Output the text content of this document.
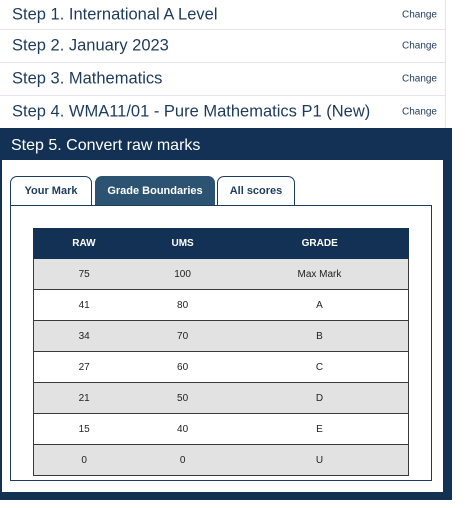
Step 1. International A Level	Change
Step 2. January 2023	Change
Step 3. Mathematics	Change
Step 4. WMA11/01 - Pure Mathematics P1 (New)	Change
Step 5. Convert raw marks
Your Mark	Grade Boundaries	All scores
RAW	UMS	GRADE
75	100	Max Mark
41	80	A
34	70	B
27	60	C
21	50	D
15	40	E
0	0	U
